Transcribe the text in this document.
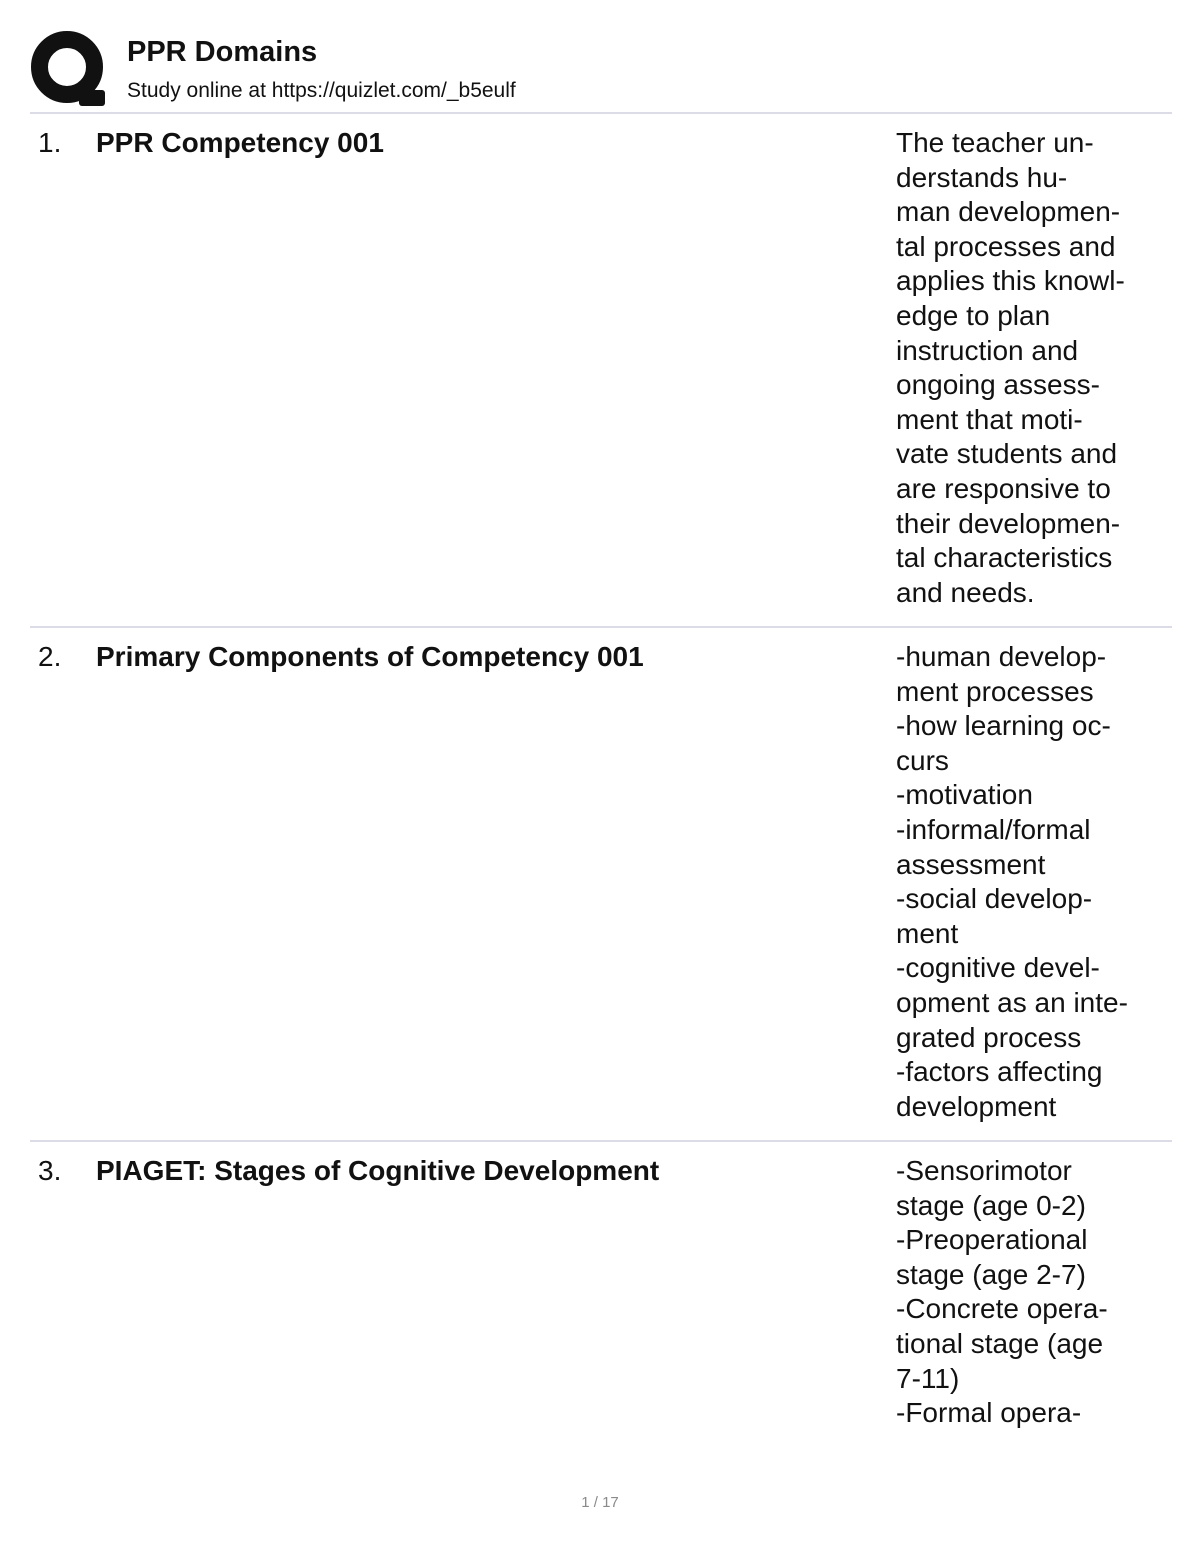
PPR Domains
Study online at https://quizlet.com/_b5eulf
1. PPR Competency 001	The teacher un-
derstands hu-
man developmen-
tal processes and
applies this knowl-
edge to plan
instruction and
ongoing assess-
ment that moti-
vate students and
are responsive to
their developmen-
tal characteristics
and needs.
2. Primary Components of Competency 001	-human develop-
ment processes
-how learning oc-
curs
-motivation
-informal/formal
assessment
-social develop-
ment
-cognitive devel-
opment as an inte-
grated process
-factors affecting
development
3. PIAGET: Stages of Cognitive Development	-Sensorimotor
stage (age 0-2)
-Preoperational
stage (age 2-7)
-Concrete opera-
tional stage (age
7-11)
-Formal opera-
1 / 17
